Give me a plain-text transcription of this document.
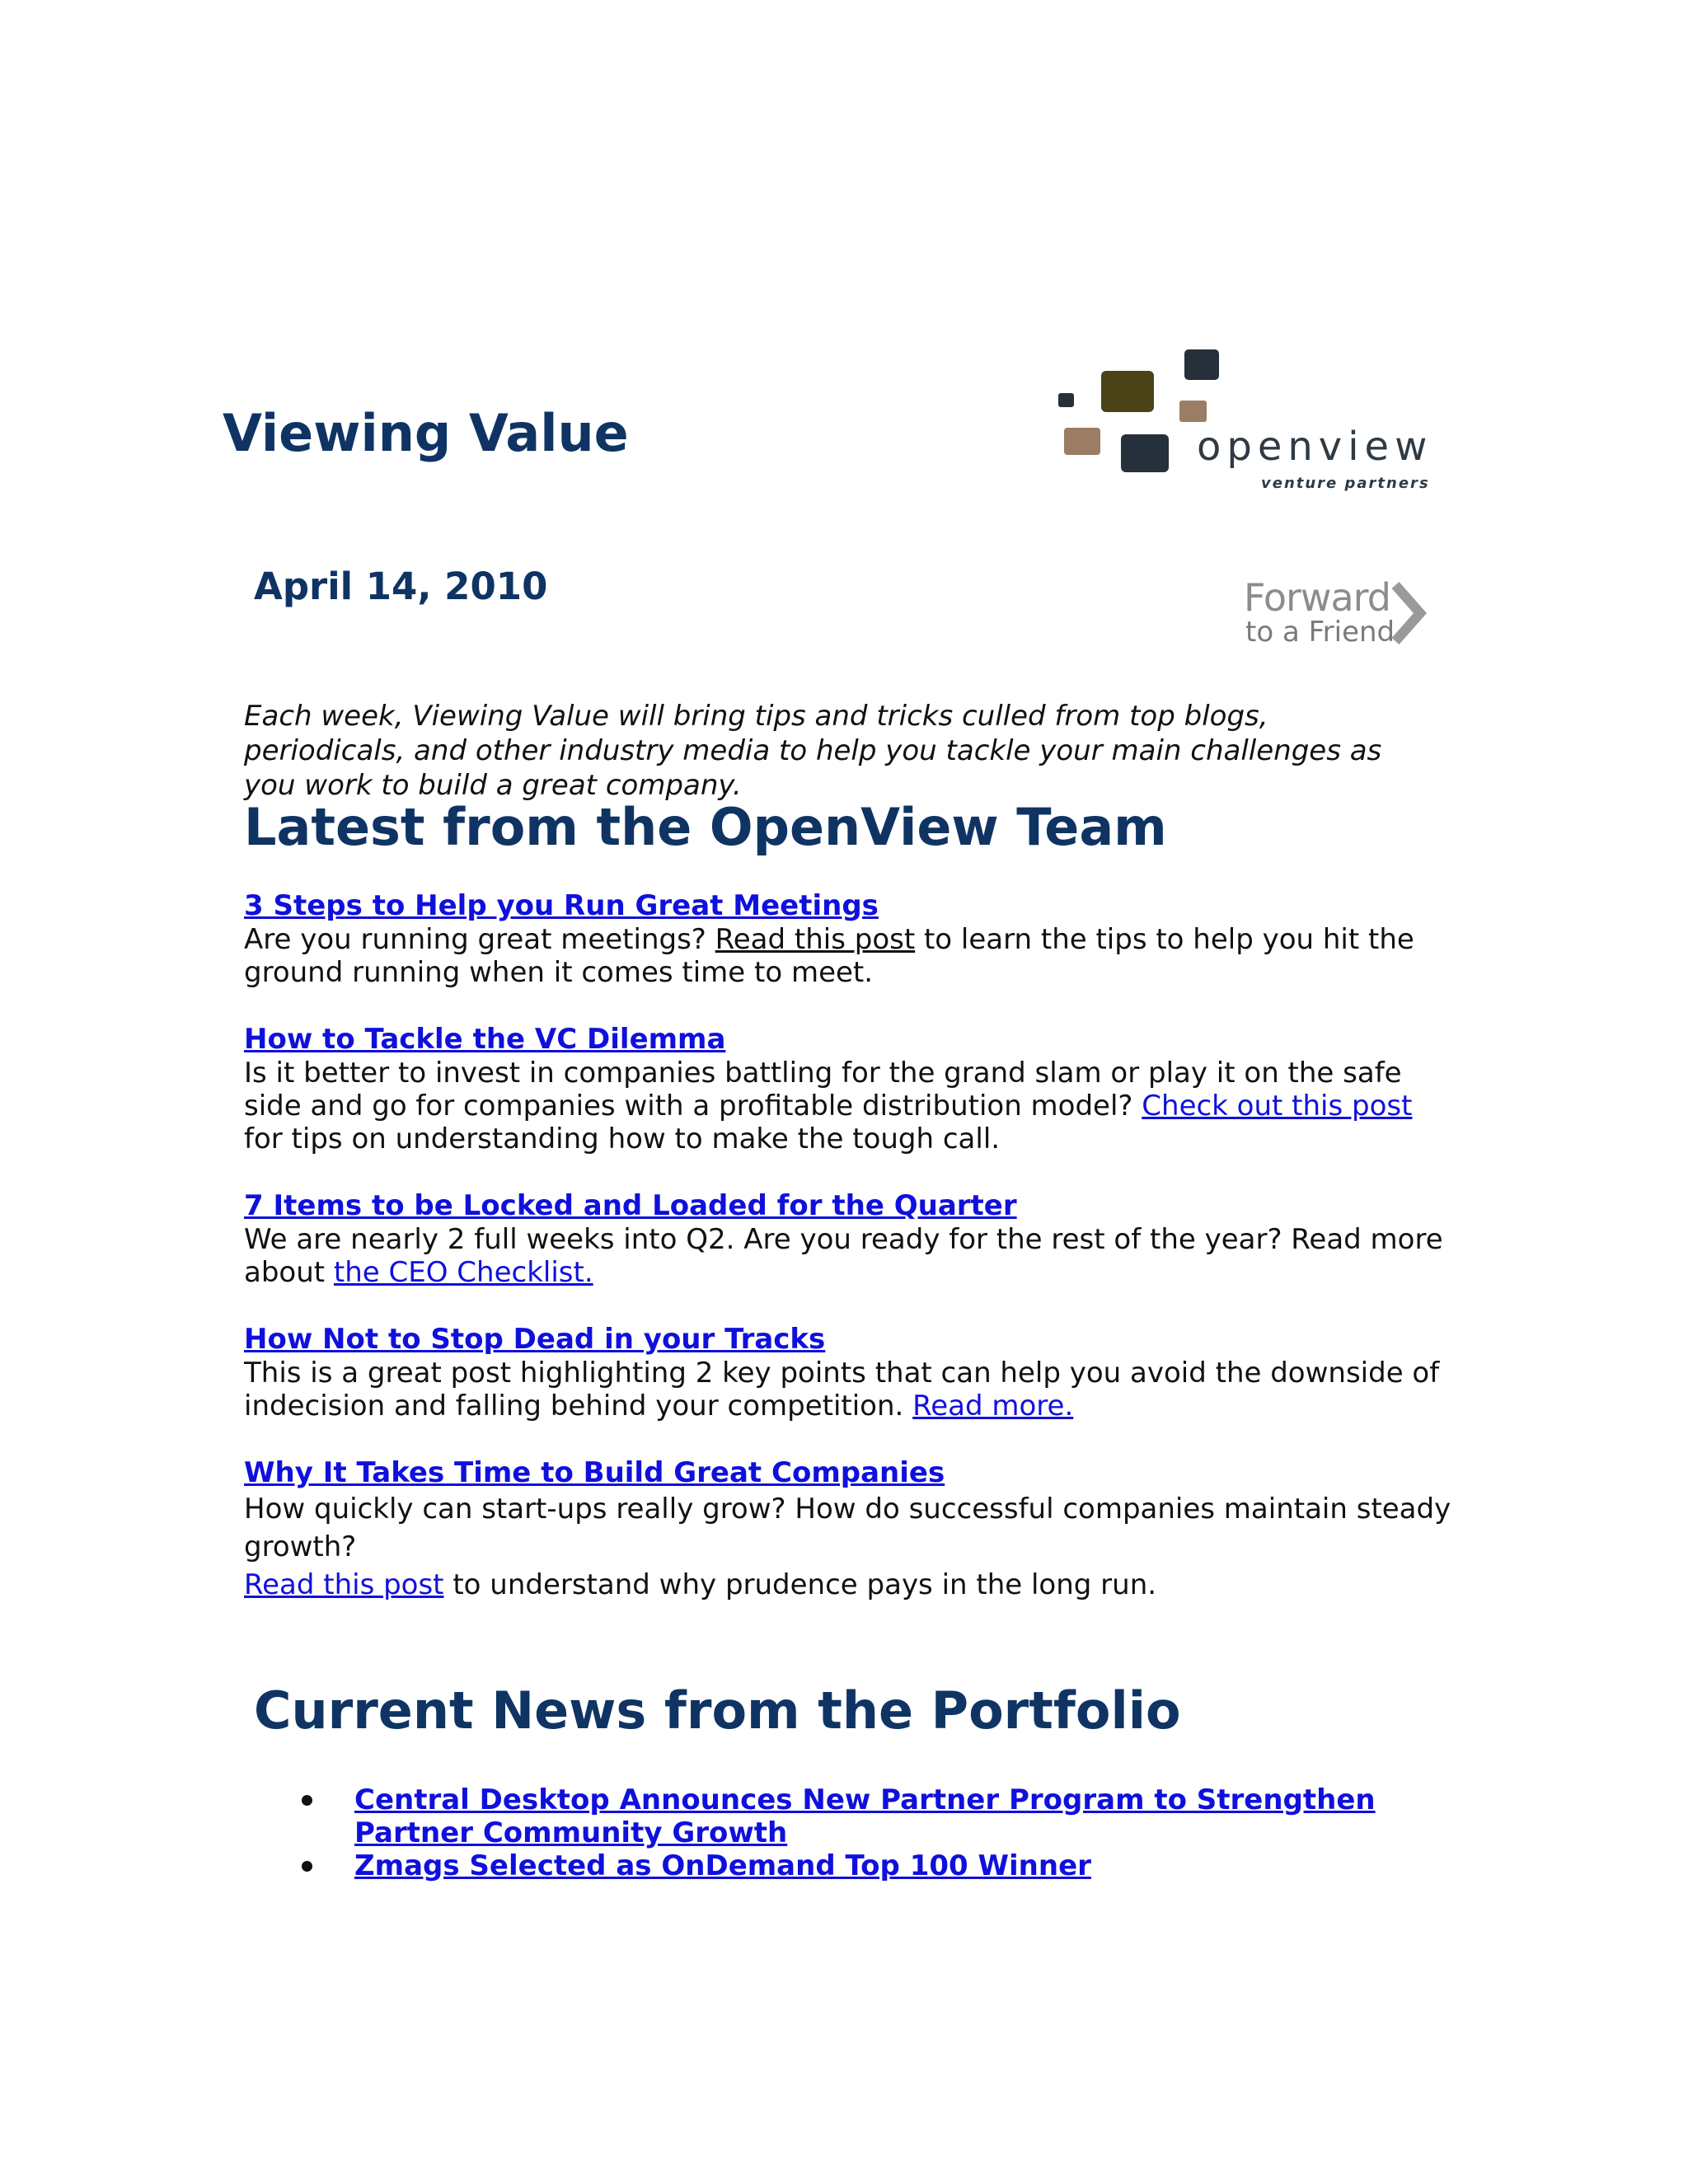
Viewing Value	openview
venture partners
April 14, 2010	Forward
to a Friend

Each week, Viewing Value will bring tips and tricks culled from top blogs, periodicals, and other industry media to help you tackle your main challenges as you work to build a great company.

Latest from the OpenView Team
3 Steps to Help you Run Great Meetings

Are you running great meetings? Read this post to learn the tips to help you hit the ground running when it comes time to meet.

How to Tackle the VC Dilemma

Is it better to invest in companies battling for the grand slam or play it on the safe side and go for companies with a profitable distribution model? Check out this post for tips on understanding how to make the tough call.

7 Items to be Locked and Loaded for the Quarter

We are nearly 2 full weeks into Q2. Are you ready for the rest of the year? Read more about the CEO Checklist.

How Not to Stop Dead in your Tracks

This is a great post highlighting 2 key points that can help you avoid the downside of indecision and falling behind your competition. Read more.

Why It Takes Time to Build Great Companies

How quickly can start-ups really grow? How do successful companies maintain steady growth?
Read this post to understand why prudence pays in the long run.

Current News from the Portfolio
Central Desktop Announces New Partner Program to Strengthen Partner Community Growth
Zmags Selected as OnDemand Top 100 Winner
